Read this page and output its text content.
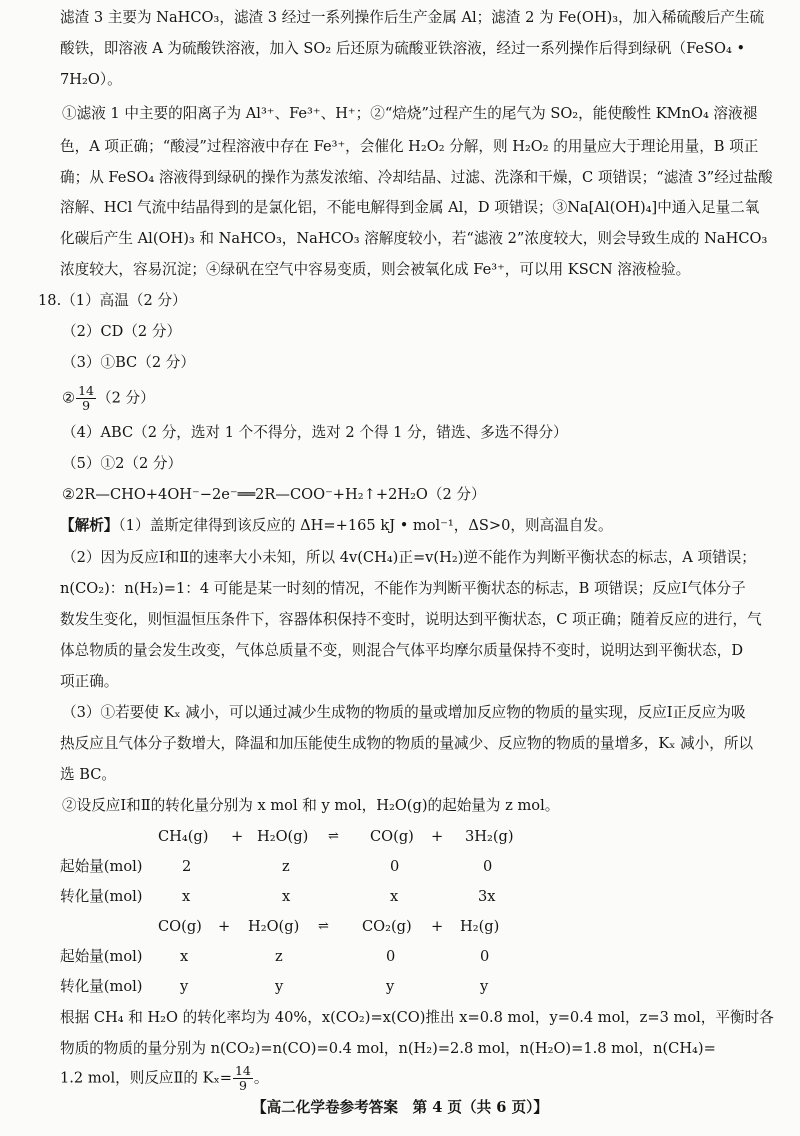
滤渣 3 主要为 NaHCO₃，滤渣 3 经过一系列操作后生产金属 Al；滤渣 2 为 Fe(OH)₃，加入稀硫酸后产生硫
酸铁，即溶液 A 为硫酸铁溶液，加入 SO₂ 后还原为硫酸亚铁溶液，经过一系列操作后得到绿矾（FeSO₄ •
7H₂O）。
①滤液 1 中主要的阳离子为 Al³⁺、Fe³⁺、H⁺；②“焙烧”过程产生的尾气为 SO₂，能使酸性 KMnO₄ 溶液褪
色，A 项正确；“酸浸”过程溶液中存在 Fe³⁺，会催化 H₂O₂ 分解，则 H₂O₂ 的用量应大于理论用量，B 项正
确；从 FeSO₄ 溶液得到绿矾的操作为蒸发浓缩、冷却结晶、过滤、洗涤和干燥，C 项错误；“滤渣 3”经过盐酸
溶解、HCl 气流中结晶得到的是氯化铝，不能电解得到金属 Al，D 项错误；③Na[Al(OH)₄]中通入足量二氧
化碳后产生 Al(OH)₃ 和 NaHCO₃，NaHCO₃ 溶解度较小，若“滤液 2”浓度较大，则会导致生成的 NaHCO₃
浓度较大，容易沉淀；④绿矾在空气中容易变质，则会被氧化成 Fe³⁺，可以用 KSCN 溶液检验。
18.（1）高温（2 分）
（2）CD（2 分）
（3）①BC（2 分）
② $\frac{14}{9} (2$ 分）
（4）ABC（2 分，选对 1 个不得分，选对 2 个得 1 分，错选、多选不得分）
（5）①2（2 分）
②2R—CHO+4OH⁻−2e⁻══2R—COO⁻+H₂↑+2H₂O（2 分）
【解析】（1）盖斯定律得到该反应的 ΔH=+165 kJ • mol⁻¹，ΔS>0，则高温自发。
（2）因为反应Ⅰ和Ⅱ的速率大小未知，所以 4v(CH₄)正=v(H₂)逆不能作为判断平衡状态的标志，A 项错误；
n(CO₂)：n(H₂)=1：4 可能是某一时刻的情况，不能作为判断平衡状态的标志，B 项错误；反应Ⅰ气体分子
数发生变化，则恒温恒压条件下，容器体积保持不变时，说明达到平衡状态，C 项正确；随着反应的进行，气
体总物质的量会发生改变，气体总质量不变，则混合气体平均摩尔质量保持不变时，说明达到平衡状态，D
项正确。
（3）①若要使 Kₓ 减小，可以通过减少生成物的物质的量或增加反应物的物质的量实现，反应Ⅰ正反应为吸
热反应且气体分子数增大，降温和加压能使生成物的物质的量减少、反应物的物质的量增多，Kₓ 减小，所以
选 BC。
②设反应Ⅰ和Ⅱ的转化量分别为 x mol 和 y mol，H₂O(g)的起始量为 z mol。
CH₄(g) + H₂O(g) ⇌ CO(g) + 3H₂(g)
起始量(mol)	2	z	0	0
转化量(mol)	x	x	x	3x
CO(g) + H₂O(g) ⇌ CO₂(g) + H₂(g)
起始量(mol)	x	z	0	0
转化量(mol)	y	y	y	y
根据 CH₄ 和 H₂O 的转化率均为 40%，x(CO₂)=x(CO)推出 x=0.8 mol，y=0.4 mol，z=3 mol，平衡时各
物质的物质的量分别为 n(CO₂)=n(CO)=0.4 mol，n(H₂)=2.8 mol，n(H₂O)=1.8 mol，n(CH₄)=
1.2 mol，则反应Ⅱ的 $K_x= \frac{14}{9}$ 。
【高二化学卷参考答案　第 4 页（共 6 页）】
